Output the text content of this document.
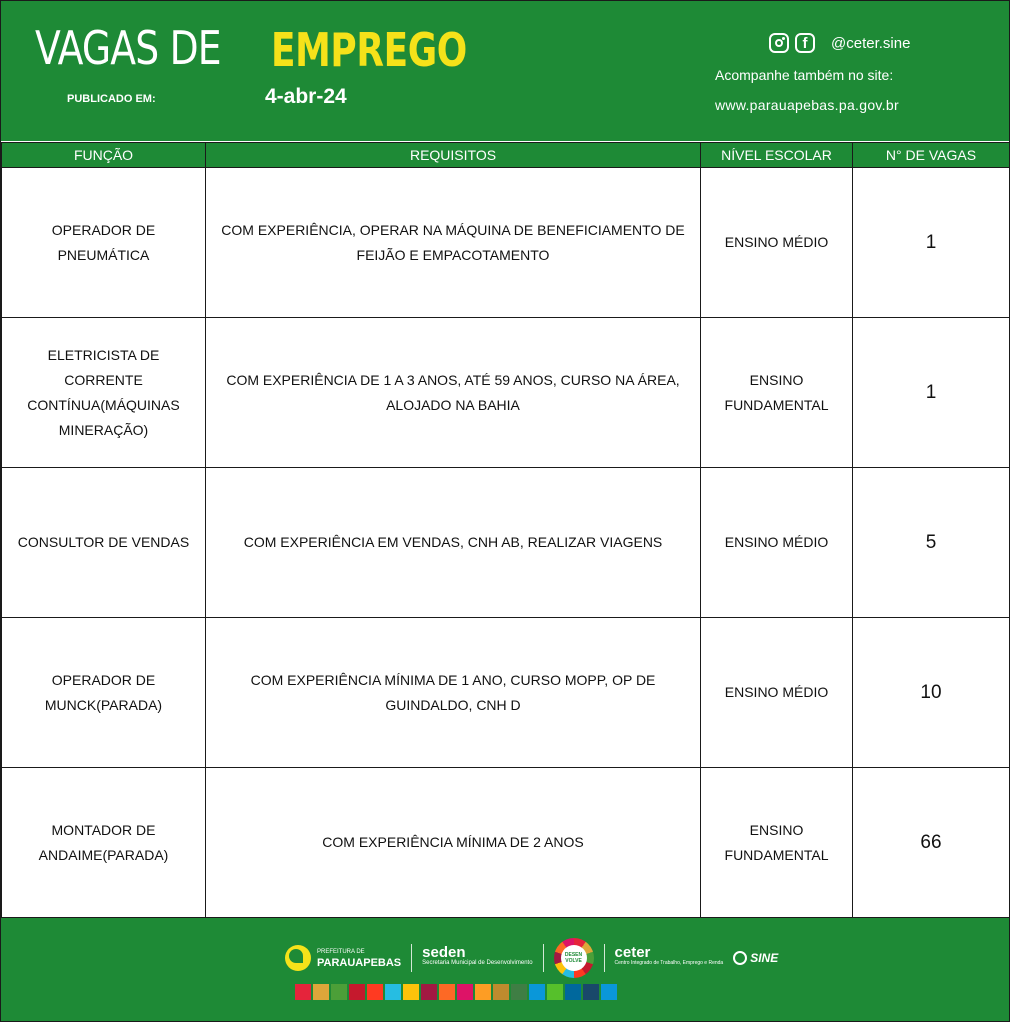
VAGAS DE EMPREGO
PUBLICADO EM:	4-abr-24
f	@ceter.sine
Acompanhe também no site:
www.parauapebas.pa.gov.br
FUNÇÃO	REQUISITOS	NÍVEL ESCOLAR	N° DE VAGAS
OPERADOR DE PNEUMÁTICA	COM EXPERIÊNCIA, OPERAR NA MÁQUINA DE BENEFICIAMENTO DE FEIJÃO E EMPACOTAMENTO	ENSINO MÉDIO	1
ELETRICISTA DE CORRENTE CONTÍNUA(MÁQUINAS MINERAÇÃO)	COM EXPERIÊNCIA DE 1 A 3 ANOS, ATÉ 59 ANOS, CURSO NA ÁREA, ALOJADO NA BAHIA	ENSINO FUNDAMENTAL	1
CONSULTOR DE VENDAS	COM EXPERIÊNCIA EM VENDAS, CNH AB, REALIZAR VIAGENS	ENSINO MÉDIO	5
OPERADOR DE MUNCK(PARADA)	COM EXPERIÊNCIA MÍNIMA DE 1 ANO, CURSO MOPP, OP DE GUINDALDO, CNH D	ENSINO MÉDIO	10
MONTADOR DE ANDAIME(PARADA)	COM EXPERIÊNCIA MÍNIMA DE 2 ANOS	ENSINO FUNDAMENTAL	66
PREFEITURA DE
PARAUAPEBAS
seden
Secretaria Municipal de Desenvolvimento
DESEN VOLVE	ceter
Centro Integrado de Trabalho, Emprego e Renda SINE
